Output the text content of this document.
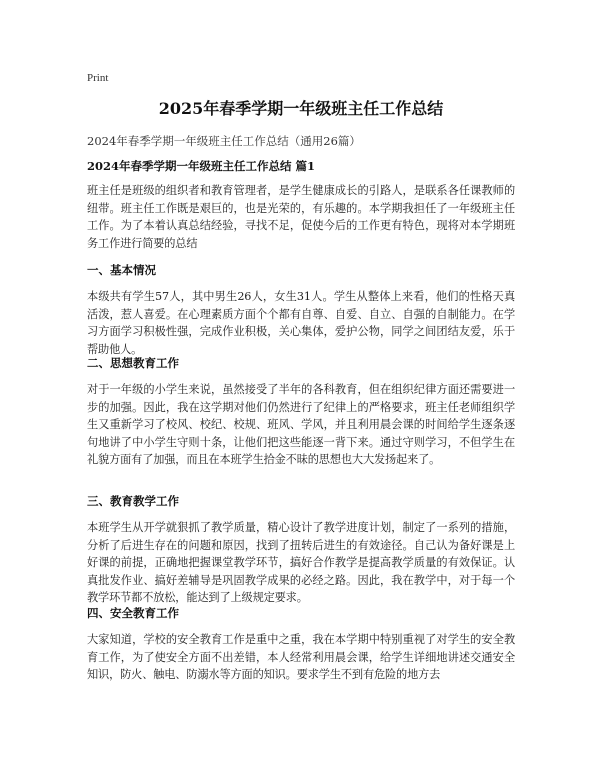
Print
2025年春季学期一年级班主任工作总结

2024年春季学期一年级班主任工作总结（通用26篇）

2024年春季学期一年级班主任工作总结 篇1

班主任是班级的组织者和教育管理者，是学生健康成长的引路人，是联系各任课教师的纽带。班主任工作既是艰巨的，也是光荣的，有乐趣的。本学期我担任了一年级班主任工作。为了本着认真总结经验，寻找不足，促使今后的工作更有特色，现将对本学期班务工作进行简要的总结

一、基本情况

本级共有学生57人，其中男生26人，女生31人。学生从整体上来看，他们的性格天真活泼，惹人喜爱。在心理素质方面个个都有自尊、自爱、自立、自强的自制能力。在学习方面学习积极性强，完成作业积极，关心集体，爱护公物，同学之间团结友爱，乐于帮助他人。

二、思想教育工作

对于一年级的小学生来说，虽然接受了半年的各科教育，但在组织纪律方面还需要进一步的加强。因此，我在这学期对他们仍然进行了纪律上的严格要求，班主任老师组织学生又重新学习了校风、校纪、校规、班风、学风，并且利用晨会课的时间给学生逐条逐句地讲了中小学生守则十条，让他们把这些能逐一背下来。通过守则学习，不但学生在礼貌方面有了加强，而且在本班学生拾金不昧的思想也大大发扬起来了。

三、教育教学工作

本班学生从开学就狠抓了教学质量，精心设计了教学进度计划，制定了一系列的措施，分析了后进生存在的问题和原因，找到了扭转后进生的有效途径。自己认为备好课是上好课的前提，正确地把握课堂教学环节，搞好合作教学是提高教学质量的有效保证。认真批发作业、搞好差辅导是巩固教学成果的必经之路。因此，我在教学中，对于每一个教学环节都不放松，能达到了上级规定要求。

四、安全教育工作

大家知道，学校的安全教育工作是重中之重，我在本学期中特别重视了对学生的安全教育工作，为了使安全方面不出差错，本人经常利用晨会课，给学生详细地讲述交通安全知识，防火、触电、防溺水等方面的知识。要求学生不到有危险的地方去
